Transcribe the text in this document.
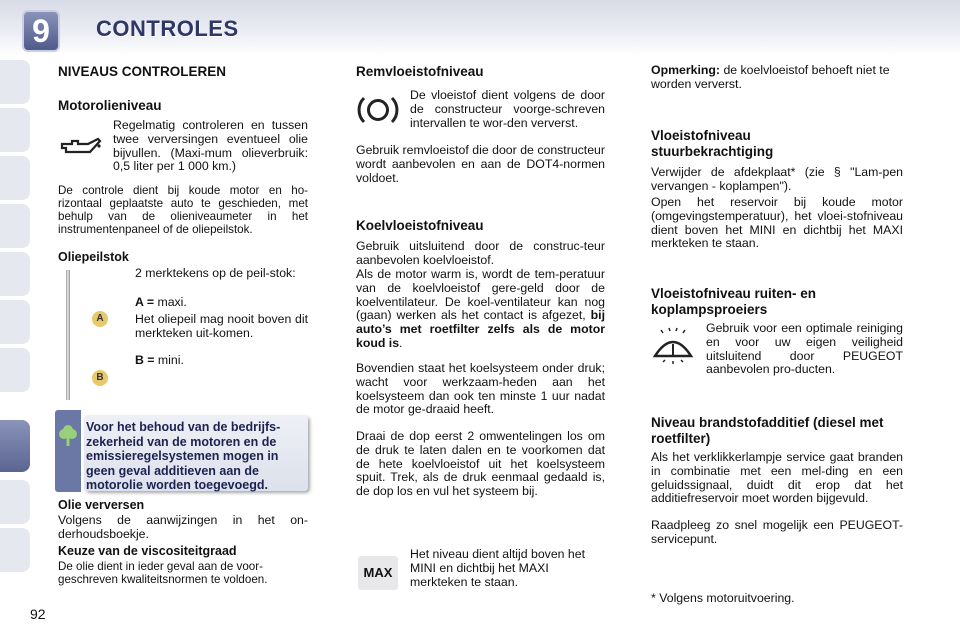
9	CONTROLES
NIVEAUS CONTROLEREN
Motorolieniveau
Regelmatig controleren en tussen twee verversingen eventueel olie bijvullen. (Maxi-mum olieverbruik: 0,5 liter per 1 000 km.)
De controle dient bij koude motor en ho-rizontaal geplaatste auto te geschieden, met behulp van de olieniveaumeter in het instrumentenpaneel of de oliepeilstok.
Oliepeilstok
A
B
2 merktekens op de peil-stok:
A = maxi.
Het oliepeil mag nooit boven dit merkteken uit-komen.
B = mini.
Voor het behoud van de bedrijfs-zekerheid van de motoren en de emissieregelsystemen mogen in geen geval additieven aan de motorolie worden toegevoegd.
Olie verversen
Volgens de aanwijzingen in het on-derhoudsboekje.
Keuze van de viscositeitgraad
De olie dient in ieder geval aan de voor-geschreven kwaliteitsnormen te voldoen.
Remvloeistofniveau
De vloeistof dient volgens de door de constructeur voorge-schreven intervallen te wor-den ververst.
Gebruik remvloeistof die door de constructeur wordt aanbevolen en aan de DOT4-normen voldoet.
Koelvloeistofniveau
Gebruik uitsluitend door de construc-teur aanbevolen koelvloeistof.
Als de motor warm is, wordt de tem-peratuur van de koelvloeistof gere-geld door de koelventilateur. De koel-ventilateur kan nog (gaan) werken als het contact is afgezet, bij auto’s met roetfilter zelfs als de motor koud is.
Bovendien staat het koelsysteem onder druk; wacht voor werkzaam-heden aan het koelsysteem dan ook ten minste 1 uur nadat de motor ge-draaid heeft.
Draai de dop eerst 2 omwentelingen los om de druk te laten dalen en te voorkomen dat de hete koelvloeistof uit het koelsysteem spuit. Trek, als de druk eenmaal gedaald is, de dop los en vul het systeem bij.
MAX
Het niveau dient altijd boven het MINI en dichtbij het MAXI merkteken te staan.
Opmerking: de koelvloeistof behoeft niet te worden ververst.
Vloeistofniveau stuurbekrachtiging
Verwijder de afdekplaat* (zie § "Lam-pen vervangen - koplampen").
Open het reservoir bij koude motor (omgevingstemperatuur), het vloei-stofniveau dient boven het MINI en dichtbij het MAXI merkteken te staan.
Vloeistofniveau ruiten- en koplampsproeiers
Gebruik voor een optimale reiniging en voor uw eigen veiligheid uitsluitend door PEUGEOT aanbevolen pro-ducten.
Niveau brandstofadditief (diesel met roetfilter)
Als het verklikkerlampje service gaat branden in combinatie met een mel-ding en een geluidssignaal, duidt dit erop dat het additiefreservoir moet worden bijgevuld.
Raadpleeg zo snel mogelijk een PEUGEOT-servicepunt.
* Volgens motoruitvoering.
92
